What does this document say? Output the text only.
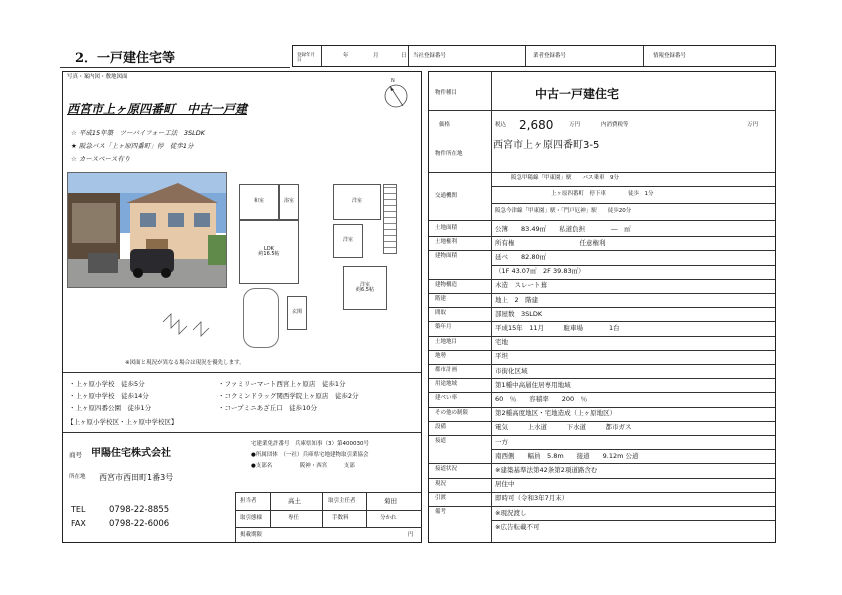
2．一戸建住宅等	登録年月日
年	月	日 当社登録番号	業者登録番号	情報登録番号
写真・案内図・敷地図面
N
西宮市上ヶ原四番町　中古一戸建
☆ 平成15年築　ツーバイフォー工法　3SLDK
★ 阪急バス「上ヶ原四番町」停　徒歩1分
☆ カースペース有り
和室
LDK
約16.5帖
浴室
玄関
洋室
洋室
洋室
約6.5帖
※図面と現況が異なる場合は現況を優先します。
・上ヶ原小学校　徒歩5分
・上ヶ原中学校　徒歩14分
・上ヶ原四番公園　徒歩1分
・ファミリーマート西宮上ヶ原店　徒歩1分
・コクミンドラッグ関西学院上ヶ原店　徒歩2分
・コープミニあざ丘口　徒歩10分
【上ヶ原小学校区・上ヶ原中学校区】
商号 甲陽住宅株式会社
宅建業免許番号　兵庫県知事（3）第400030号
●所属団体　（一社）兵庫県宅地建物取引業協会
●支部名　　　　　阪神・西宮　　　支部
所在地 西宮市西田町1番3号
TEL	0798-22-8855
FAX	0798-22-6006
担当者	高土	取引主任者	菊田
取引態様	専任	手数料	分かれ
掲載期限	円
物件種目	中古一戸建住宅
価格	税込 2,680	万円	内消費税等	万円
物件所在地
西宮市上ヶ原四番町3-5
交通機関
阪急甲陽線「甲東園」駅　　バス乗車　9分
上ヶ原四番町　停下車　　　　徒歩　1分
阪急今津線「甲東園」駅・「門戸厄神」駅　　徒歩20分
土地面積	公簿　　83.49㎡　　私道負担　　　　―　㎡
土地権利	所有権　　　　　　　　　　任意権利
建物面積	延べ　　82.80㎡
（1F 43.07㎡　2F 39.83㎡）
建物構造	木造　スレート葺
階建	地上　2　階建
間取	部屋数　3SLDK
築年月	平成15年　11月　　　駐車場　　　　1台
土地地目	宅地
地勢	平坦
都市計画	市街化区域
用途地域	第1種中高層住居専用地域
建ぺい率	60　％　　容積率　　200　％
その他の制限	第2種高度地区・宅地造成（上ヶ原地区）
設備	電気　　　上水道　　　下水道　　　都市ガス
接道	一方
南西側　　幅員　5.8m　　接道　　9.12m 公道
接道状況	※建築基準法第42条第2項道路含む
現況	居住中
引渡	即時可（令和3年7月末）
備考	※現況渡し
※広告転載不可
